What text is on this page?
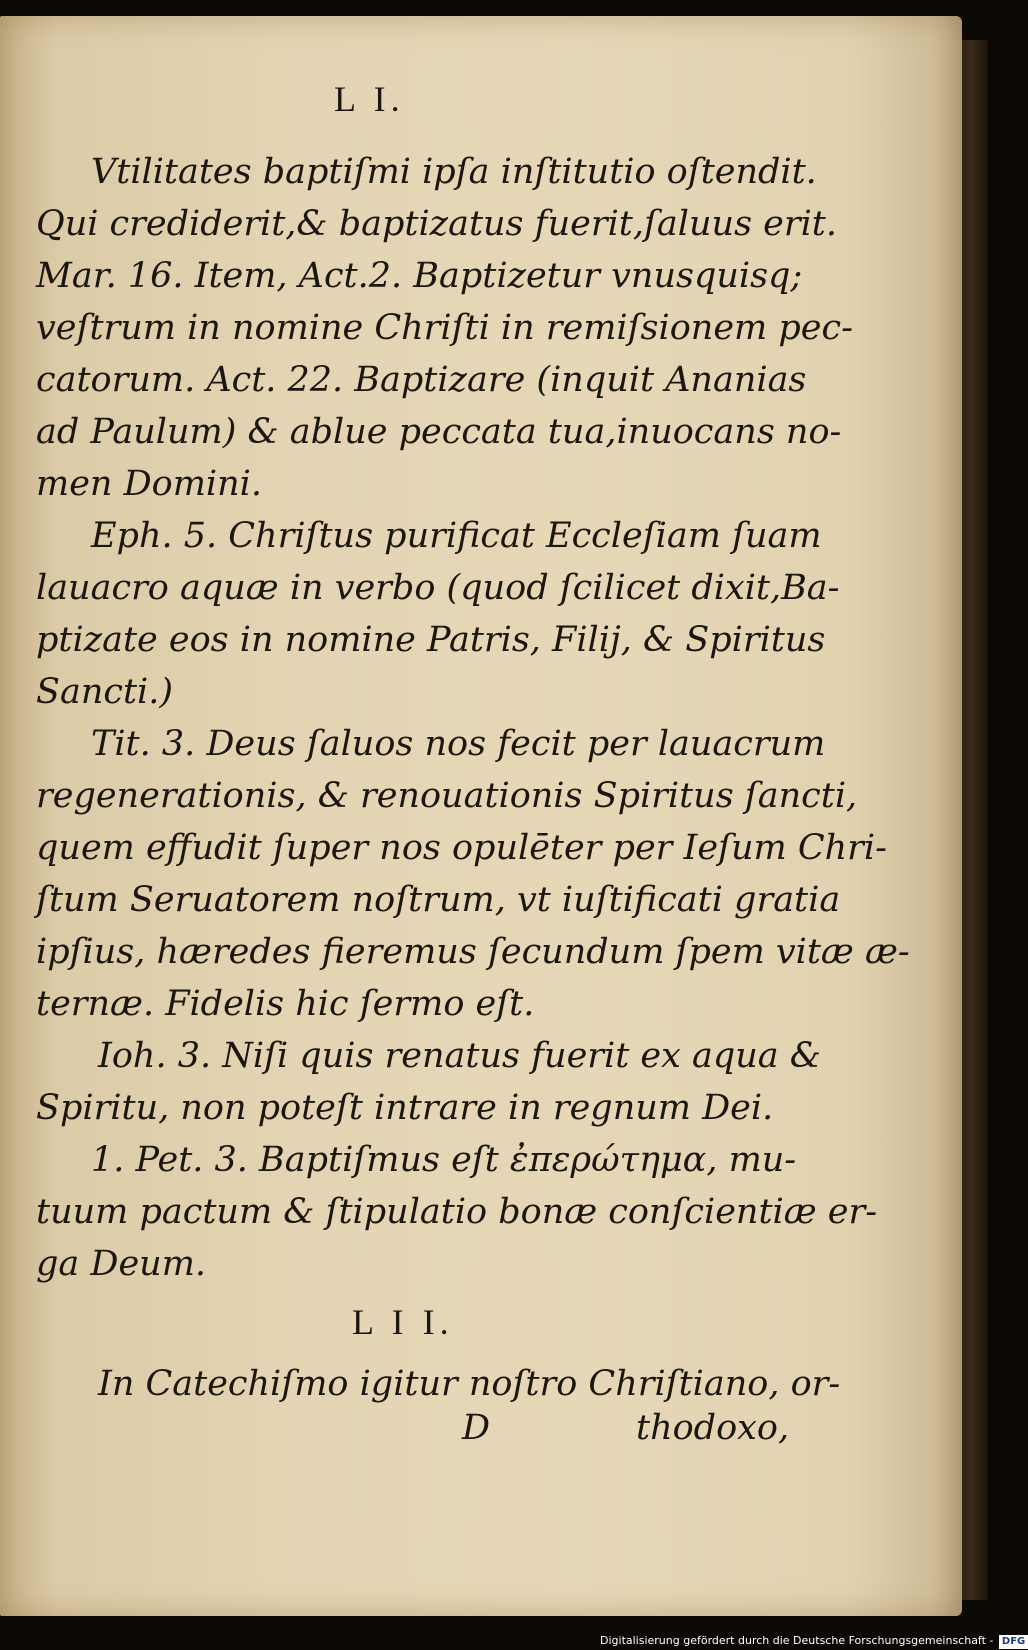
L I.
Vtilitates baptiſmi ipſa inſtitutio oſtendit.
Qui crediderit,& baptizatus fuerit,ſaluus erit.
Mar. 16. Item, Act.2. Baptizetur vnusquisq;
veſtrum in nomine Chriſti in remiſsionem pec-
catorum. Act. 22. Baptizare (inquit Ananias
ad Paulum) & ablue peccata tua,inuocans no-
men Domini.
Eph. 5. Chriſtus purificat Eccleſiam ſuam
lauacro aquæ in verbo (quod ſcilicet dixit,Ba-
ptizate eos in nomine Patris, Filij, & Spiritus
Sancti.)
Tit. 3. Deus ſaluos nos fecit per lauacrum
regenerationis, & renouationis Spiritus ſancti,
quem effudit ſuper nos opulēter per Ieſum Chri-
ſtum Seruatorem noſtrum, vt iuſtificati gratia
ipſius, hæredes fieremus ſecundum ſpem vitæ æ-
ternæ. Fidelis hic ſermo eſt.
Ioh. 3. Niſi quis renatus fuerit ex aqua &
Spiritu, non poteſt intrare in regnum Dei.
1. Pet. 3. Baptiſmus eſt ἐπερώτημα, mu-
tuum pactum & ſtipulatio bonæ conſcientiæ er-
ga Deum.
L I I.
In Catechiſmo igitur noſtro Chriſtiano, or-
D	thodoxo,
Digitalisierung gefördert durch die Deutsche Forschungsgemeinschaft - DFG
